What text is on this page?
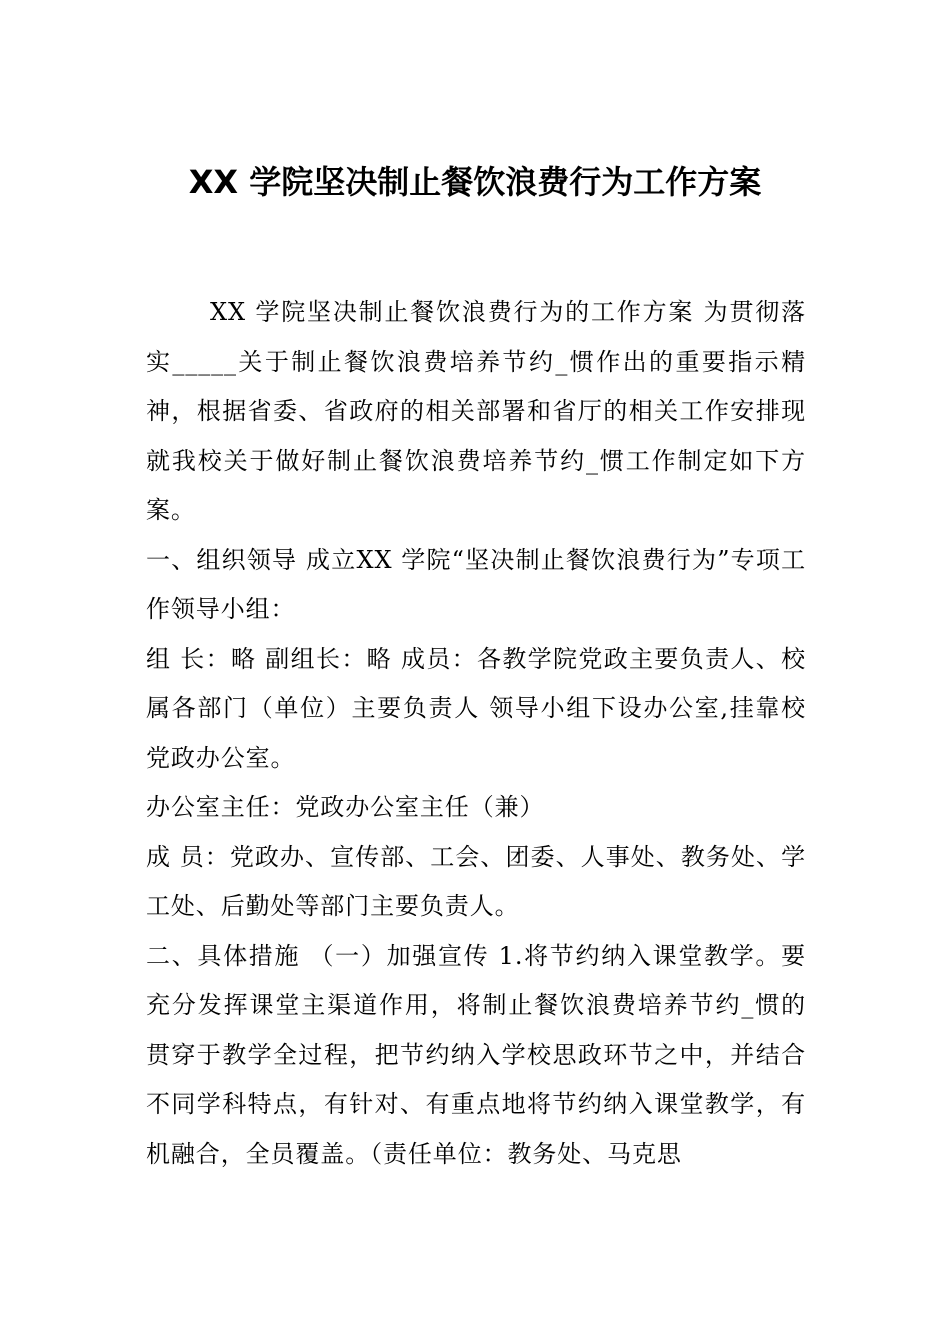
XX 学院坚决制止餐饮浪费行为工作方案

XX 学院坚决制止餐饮浪费行为的工作方案 为贯彻落实_____关于制止餐饮浪费培养节约_惯作出的重要指示精神，根据省委、省政府的相关部署和省厅的相关工作安排现就我校关于做好制止餐饮浪费培养节约_惯工作制定如下方案。

一、组织领导 成立XX 学院“坚决制止餐饮浪费行为”专项工作领导小组：

组 长：略 副组长：略 成员：各教学院党政主要负责人、校属各部门（单位）主要负责人 领导小组下设办公室,挂靠校党政办公室。

办公室主任：党政办公室主任（兼）

成 员：党政办、宣传部、工会、团委、人事处、教务处、学工处、后勤处等部门主要负责人。

二、具体措施 （一）加强宣传 1.将节约纳入课堂教学。要充分发挥课堂主渠道作用，将制止餐饮浪费培养节约_惯的贯穿于教学全过程，把节约纳入学校思政环节之中，并结合不同学科特点，有针对、有重点地将节约纳入课堂教学，有机融合，全员覆盖。（责任单位：教务处、马克思
